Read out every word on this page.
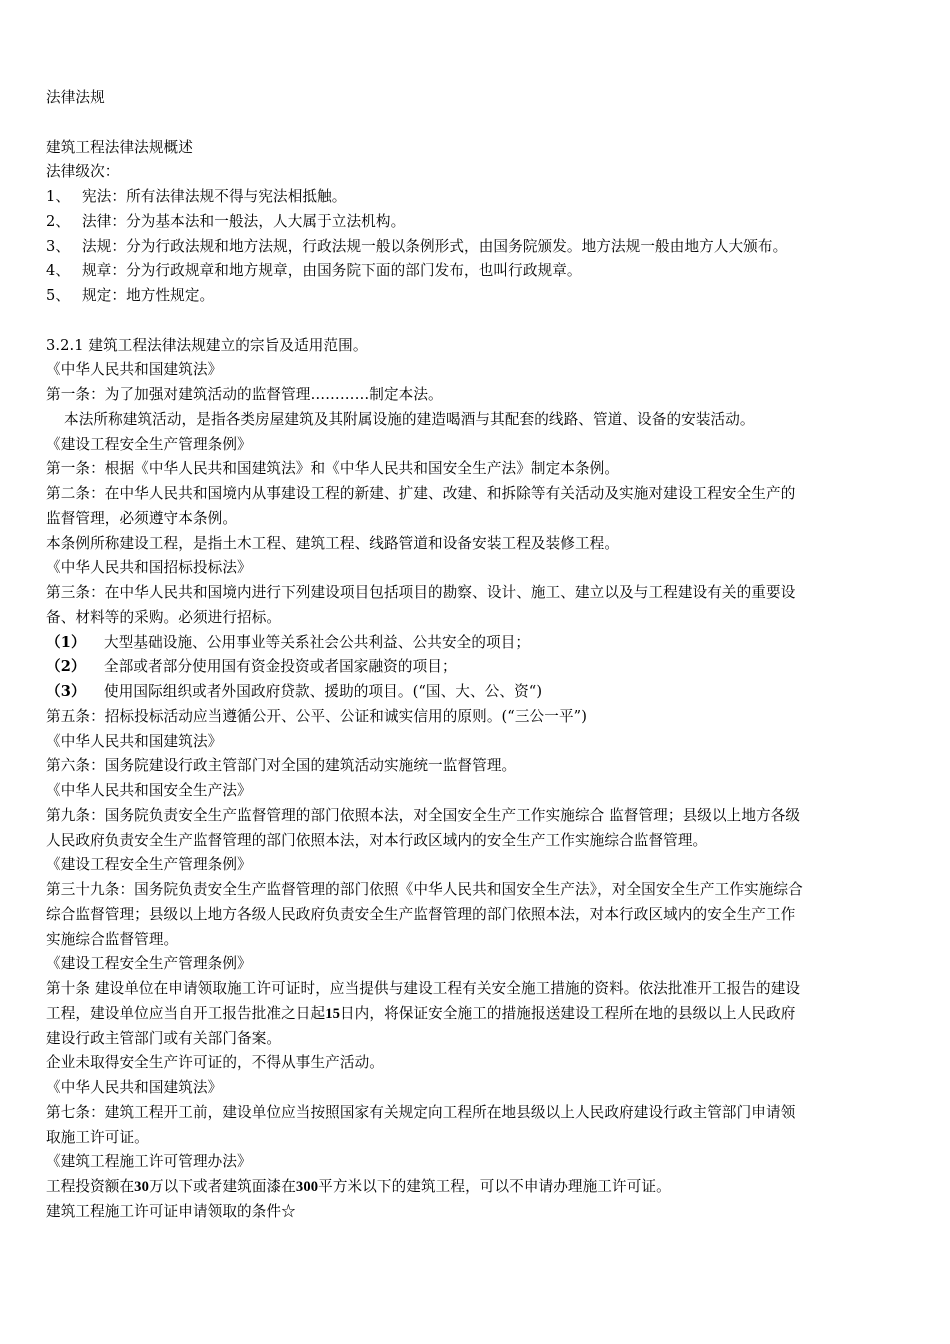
法律法规
建筑工程法律法规概述
法律级次：
1、 宪法：所有法律法规不得与宪法相抵触。
2、 法律：分为基本法和一般法，人大属于立法机构。
3、 法规：分为行政法规和地方法规，行政法规一般以条例形式，由国务院颁发。地方法规一般由地方人大颁布。
4、 规章：分为行政规章和地方规章，由国务院下面的部门发布，也叫行政规章。
5、 规定：地方性规定。
3.2.1 建筑工程法律法规建立的宗旨及适用范围。
《中华人民共和国建筑法》
第一条：为了加强对建筑活动的监督管理…………制定本法。
本法所称建筑活动，是指各类房屋建筑及其附属设施的建造喝酒与其配套的线路、管道、设备的安装活动。
《建设工程安全生产管理条例》
第一条：根据《中华人民共和国建筑法》和《中华人民共和国安全生产法》制定本条例。
第二条：在中华人民共和国境内从事建设工程的新建、扩建、改建、和拆除等有关活动及实施对建设工程安全生产的
监督管理，必须遵守本条例。
本条例所称建设工程，是指土木工程、建筑工程、线路管道和设备安装工程及装修工程。
《中华人民共和国招标投标法》
第三条：在中华人民共和国境内进行下列建设项目包括项目的勘察、设计、施工、建立以及与工程建设有关的重要设
备、材料等的采购。必须进行招标。
（1）	大型基础设施、公用事业等关系社会公共利益、公共安全的项目；
（2）	全部或者部分使用国有资金投资或者国家融资的项目；
（3）	使用国际组织或者外国政府贷款、援助的项目。(“国、大、公、资“)
第五条：招标投标活动应当遵循公开、公平、公证和诚实信用的原则。(“三公一平”)
《中华人民共和国建筑法》
第六条：国务院建设行政主管部门对全国的建筑活动实施统一监督管理。
《中华人民共和国安全生产法》
第九条：国务院负责安全生产监督管理的部门依照本法，对全国安全生产工作实施综合 监督管理；县级以上地方各级
人民政府负责安全生产监督管理的部门依照本法，对本行政区域内的安全生产工作实施综合监督管理。
《建设工程安全生产管理条例》
第三十九条：国务院负责安全生产监督管理的部门依照《中华人民共和国安全生产法》，对全国安全生产工作实施综合
综合监督管理；县级以上地方各级人民政府负责安全生产监督管理的部门依照本法，对本行政区域内的安全生产工作
实施综合监督管理。
《建设工程安全生产管理条例》
第十条 建设单位在申请领取施工许可证时，应当提供与建设工程有关安全施工措施的资料。依法批准开工报告的建设
工程，建设单位应当自开工报告批准之日起15日内，将保证安全施工的措施报送建设工程所在地的县级以上人民政府
建设行政主管部门或有关部门备案。
企业未取得安全生产许可证的，不得从事生产活动。
《中华人民共和国建筑法》
第七条：建筑工程开工前，建设单位应当按照国家有关规定向工程所在地县级以上人民政府建设行政主管部门申请领
取施工许可证。
《建筑工程施工许可管理办法》
工程投资额在30万以下或者建筑面漆在300平方米以下的建筑工程，可以不申请办理施工许可证。
建筑工程施工许可证申请领取的条件☆
